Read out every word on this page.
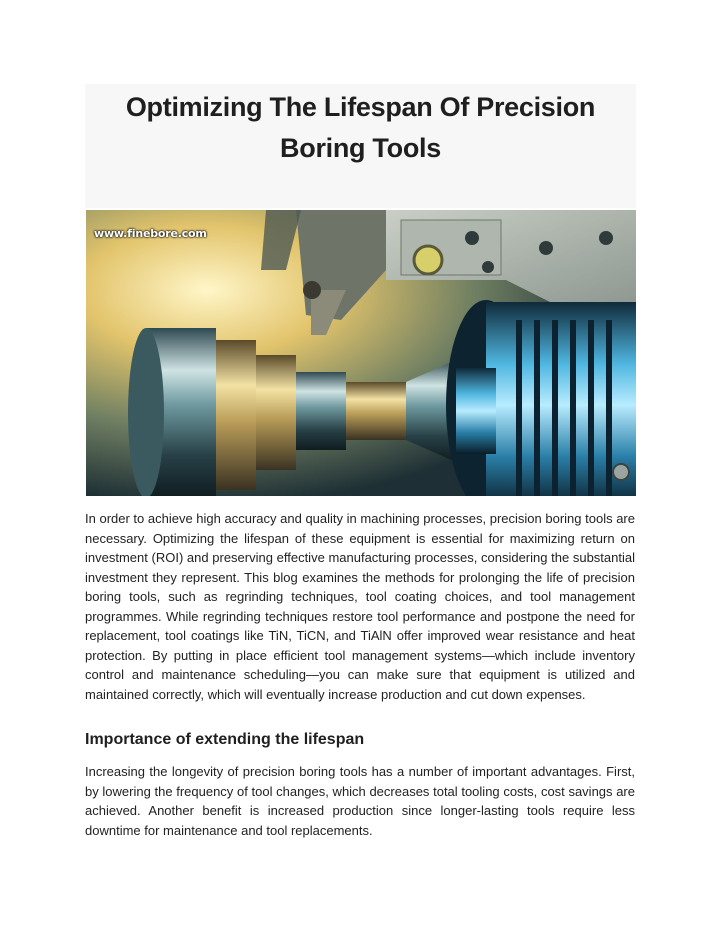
Optimizing The Lifespan Of Precision Boring Tools
www.finebore.com

In order to achieve high accuracy and quality in machining processes, precision boring tools are necessary. Optimizing the lifespan of these equipment is essential for maximizing return on investment (ROI) and preserving effective manufacturing processes, considering the substantial investment they represent. This blog examines the methods for prolonging the life of precision boring tools, such as regrinding techniques, tool coating choices, and tool management programmes. While regrinding techniques restore tool performance and postpone the need for replacement, tool coatings like TiN, TiCN, and TiAlN offer improved wear resistance and heat protection. By putting in place efficient tool management systems—which include inventory control and maintenance scheduling—you can make sure that equipment is utilized and maintained correctly, which will eventually increase production and cut down expenses.

Importance of extending the lifespan

Increasing the longevity of precision boring tools has a number of important advantages. First, by lowering the frequency of tool changes, which decreases total tooling costs, cost savings are achieved. Another benefit is increased production since longer-lasting tools require less downtime for maintenance and tool replacements.
